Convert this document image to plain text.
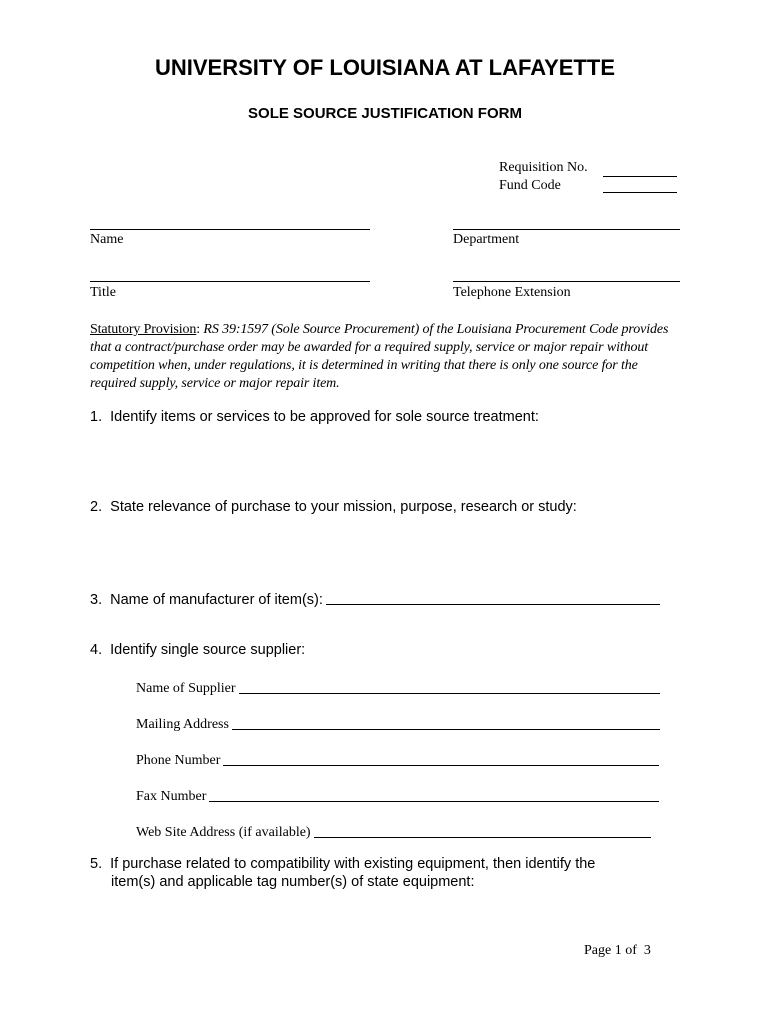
UNIVERSITY OF LOUISIANA AT LAFAYETTE
SOLE SOURCE JUSTIFICATION FORM
Requisition No.
Fund Code
Name	Department
Title	Telephone Extension
Statutory Provision: RS 39:1597 (Sole Source Procurement) of the Louisiana Procurement Code provides that a contract/purchase order may be awarded for a required supply, service or major repair without competition when, under regulations, it is determined in writing that there is only one source for the required supply, service or major repair item.
1.  Identify items or services to be approved for sole source treatment:
2.  State relevance of purchase to your mission, purpose, research or study:
3.  Name of manufacturer of item(s):
4.  Identify single source supplier:
Name of Supplier
Mailing Address
Phone Number
Fax Number
Web Site Address (if available)
5.  If purchase related to compatibility with existing equipment, then identify the
item(s) and applicable tag number(s) of state equipment:
Page 1 of  3
